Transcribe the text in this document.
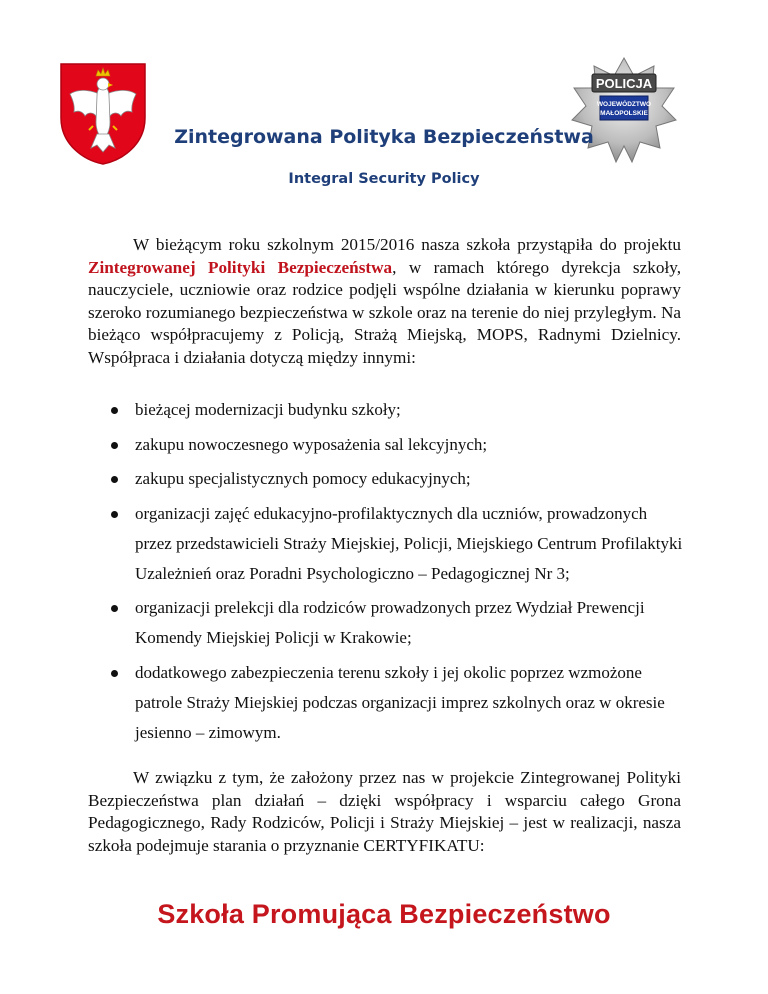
POLICJA
WOJEWÓDZTWO
MAŁOPOLSKIE
Zintegrowana Polityka Bezpieczeństwa
Integral Security Policy

W bieżącym roku szkolnym 2015/2016 nasza szkoła przystąpiła do projektu Zintegrowanej Polityki Bezpieczeństwa, w ramach którego dyrekcja szkoły, nauczyciele, uczniowie oraz rodzice podjęli wspólne działania w kierunku poprawy szeroko rozumianego bezpieczeństwa w szkole oraz na terenie do niej przyległym. Na bieżąco współpracujemy z Policją, Strażą Miejską, MOPS, Radnymi Dzielnicy. Współpraca i działania dotyczą między innymi:

bieżącej modernizacji budynku szkoły;
zakupu nowoczesnego wyposażenia sal lekcyjnych;
zakupu specjalistycznych pomocy edukacyjnych;
organizacji zajęć edukacyjno-profilaktycznych dla uczniów, prowadzonych przez przedstawicieli Straży Miejskiej, Policji, Miejskiego Centrum Profilaktyki Uzależnień oraz Poradni Psychologiczno – Pedagogicznej Nr 3;
organizacji prelekcji dla rodziców prowadzonych przez Wydział Prewencji Komendy Miejskiej Policji w Krakowie;
dodatkowego zabezpieczenia terenu szkoły i jej okolic poprzez wzmożone patrole Straży Miejskiej podczas organizacji imprez szkolnych oraz w okresie jesienno – zimowym.

W związku z tym, że założony przez nas w projekcie Zintegrowanej Polityki Bezpieczeństwa plan działań – dzięki współpracy i wsparciu całego Grona Pedagogicznego, Rady Rodziców, Policji i Straży Miejskiej – jest w realizacji, nasza szkoła podejmuje starania o przyznanie CERTYFIKATU:

Szkoła Promująca Bezpieczeństwo
